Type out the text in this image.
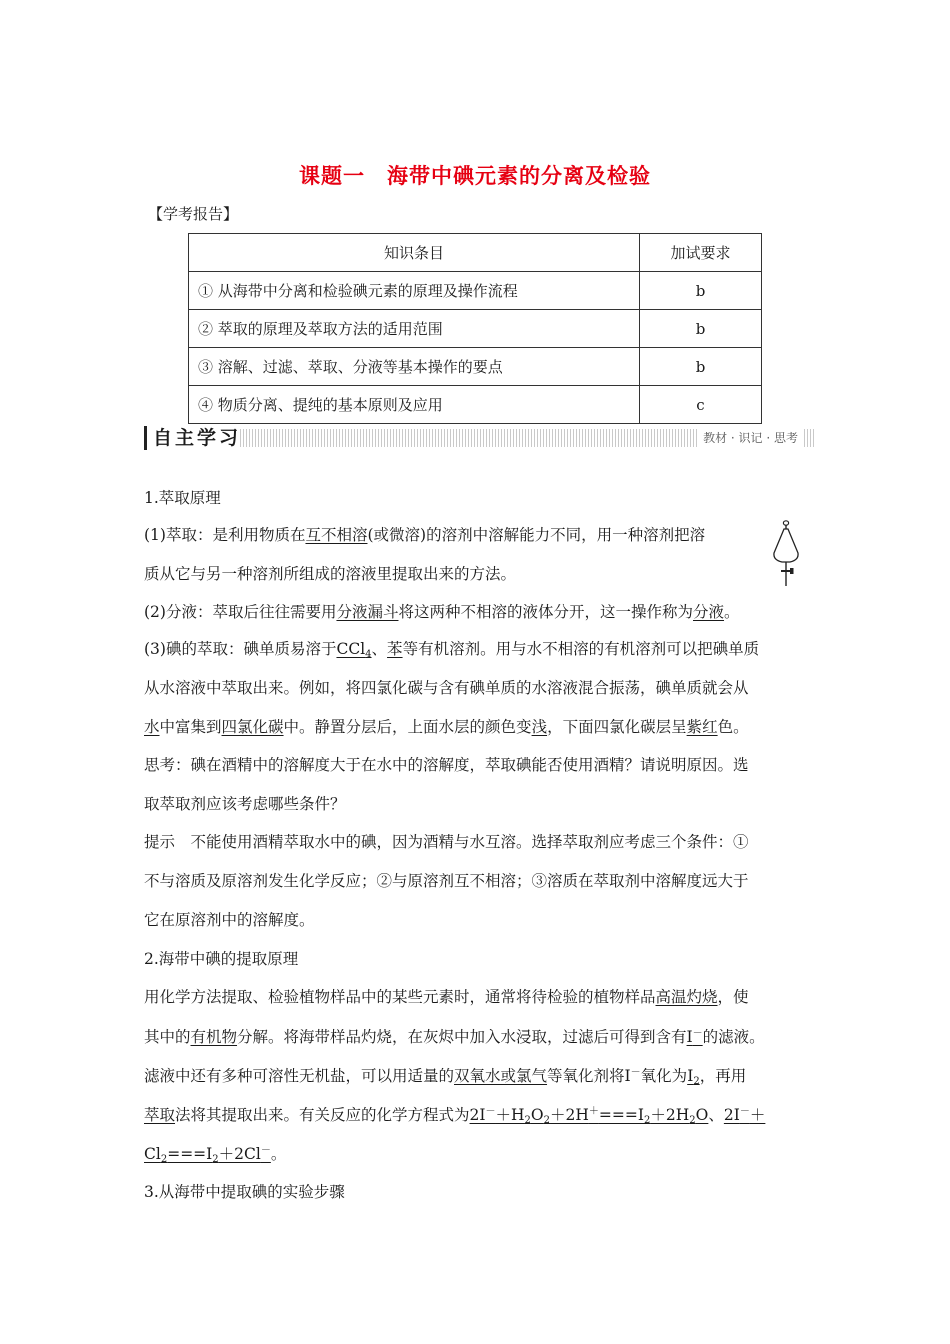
课题一　海带中碘元素的分离及检验
【学考报告】
知识条目	加试要求
① 从海带中分离和检验碘元素的原理及操作流程	b
② 萃取的原理及萃取方法的适用范围	b
③ 溶解、过滤、萃取、分液等基本操作的要点	b
④ 物质分离、提纯的基本原则及应用	c
自主学习	教材 · 识记 · 思考
1.萃取原理
(1)萃取：是利用物质在互不相溶(或微溶)的溶剂中溶解能力不同，用一种溶剂把溶
质从它与另一种溶剂所组成的溶液里提取出来的方法。
(2)分液：萃取后往往需要用分液漏斗将这两种不相溶的液体分开，这一操作称为分液。
(3)碘的萃取：碘单质易溶于CCl$_4$、苯等有机溶剂。用与水不相溶的有机溶剂可以把碘单质
从水溶液中萃取出来。例如，将四氯化碳与含有碘单质的水溶液混合振荡，碘单质就会从
水中富集到四氯化碳中。静置分层后，上面水层的颜色变浅，下面四氯化碳层呈紫红色。
思考：碘在酒精中的溶解度大于在水中的溶解度，萃取碘能否使用酒精？请说明原因。选
取萃取剂应该考虑哪些条件？
提示　不能使用酒精萃取水中的碘，因为酒精与水互溶。选择萃取剂应考虑三个条件：①
不与溶质及原溶剂发生化学反应；②与原溶剂互不相溶；③溶质在萃取剂中溶解度远大于
它在原溶剂中的溶解度。
2.海带中碘的提取原理
用化学方法提取、检验植物样品中的某些元素时，通常将待检验的植物样品高温灼烧，使
其中的有机物分解。将海带样品灼烧，在灰烬中加入水浸取，过滤后可得到含有I－的滤液。
滤液中还有多种可溶性无机盐，可以用适量的双氧水或氯气等氧化剂将I－氧化为$I_2$，再用
萃取法将其提取出来。有关反应的化学方程式为$2I^-+H_2O_2+2H^+===I_2+2H_2O$、2I－＋
$Cl_2===I_2+2Cl^-$。
3.从海带中提取碘的实验步骤
